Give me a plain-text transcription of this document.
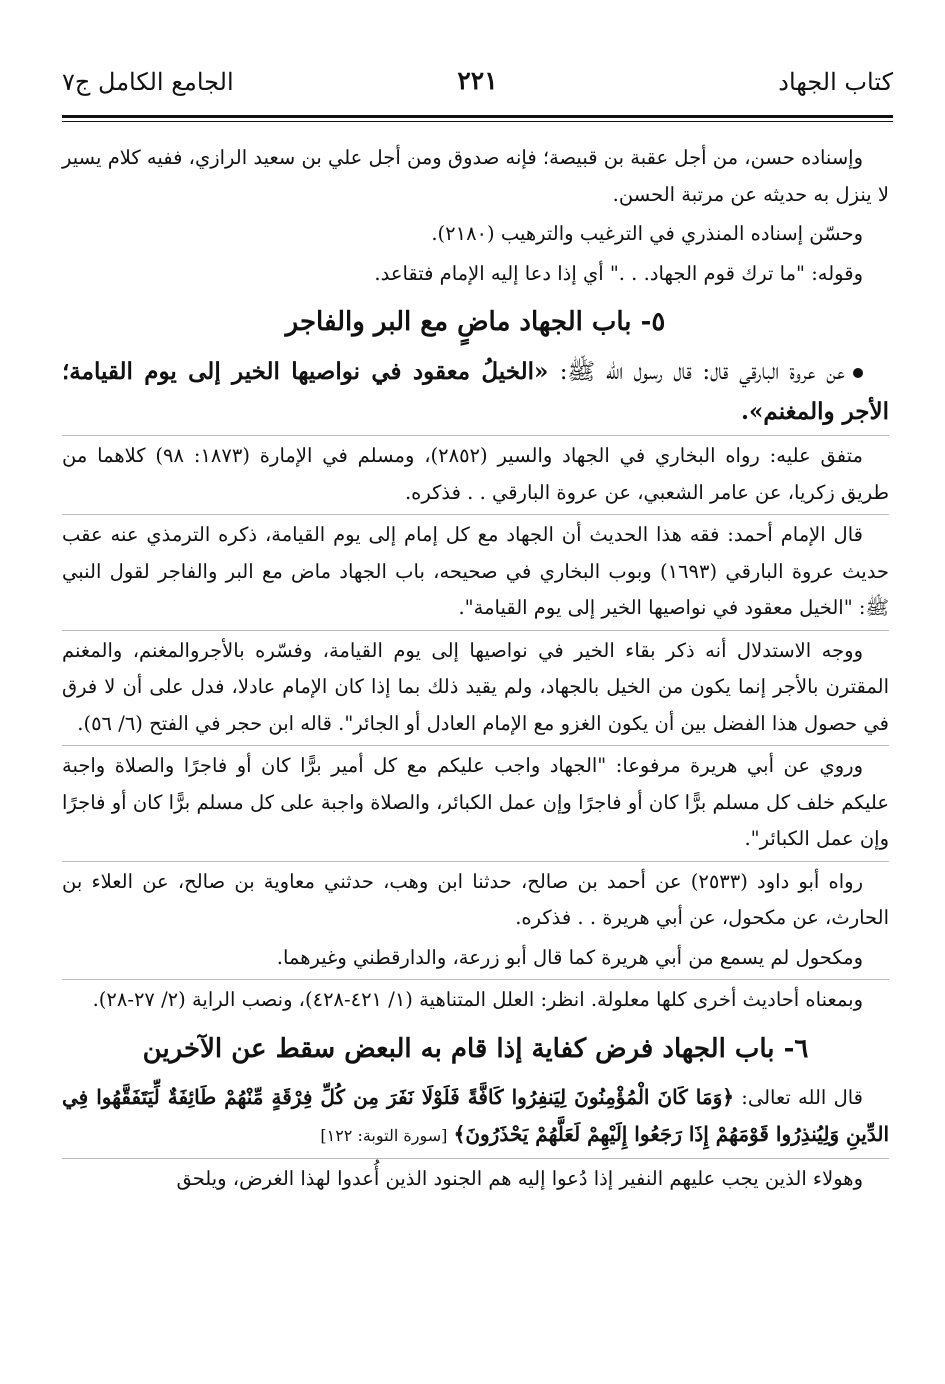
كتاب الجهاد
٢٢١
الجامع الكامل ج٧

وإسناده حسن، من أجل عقبة بن قبيصة؛ فإنه صدوق ومن أجل علي بن سعيد الرازي، ففيه كلام يسير لا ينزل به حديثه عن مرتبة الحسن.

وحسّن إسناده المنذري في الترغيب والترهيب (٢١٨٠).

وقوله: "ما ترك قوم الجهاد. . ." أي إذا دعا إليه الإمام فتقاعد.

٥- باب الجهاد ماضٍ مع البر والفاجر

عن عروة البارقي قال: قال رسول الله ﷺ: «الخيلُ معقود في نواصيها الخير إلى يوم القيامة؛ الأجر والمغنم».

متفق عليه: رواه البخاري في الجهاد والسير (٢٨٥٢)، ومسلم في الإمارة (١٨٧٣: ٩٨) كلاهما من طريق زكريا، عن عامر الشعبي، عن عروة البارقي . . فذكره.

قال الإمام أحمد: فقه هذا الحديث أن الجهاد مع كل إمام إلى يوم القيامة، ذكره الترمذي عنه عقب حديث عروة البارقي (١٦٩٣) وبوب البخاري في صحيحه، باب الجهاد ماض مع البر والفاجر لقول النبي ﷺ: "الخيل معقود في نواصيها الخير إلى يوم القيامة".

ووجه الاستدلال أنه ذكر بقاء الخير في نواصيها إلى يوم القيامة، وفسّره بالأجروالمغنم، والمغنم المقترن بالأجر إنما يكون من الخيل بالجهاد، ولم يقيد ذلك بما إذا كان الإمام عادلا، فدل على أن لا فرق في حصول هذا الفضل بين أن يكون الغزو مع الإمام العادل أو الجائر". قاله ابن حجر في الفتح (٦/ ٥٦).

وروي عن أبي هريرة مرفوعا: "الجهاد واجب عليكم مع كل أمير برًّا كان أو فاجرًا والصلاة واجبة عليكم خلف كل مسلم برًّا كان أو فاجرًا وإن عمل الكبائر، والصلاة واجبة على كل مسلم برًّا كان أو فاجرًا وإن عمل الكبائر".

رواه أبو داود (٢٥٣٣) عن أحمد بن صالح، حدثنا ابن وهب، حدثني معاوية بن صالح، عن العلاء بن الحارث، عن مكحول، عن أبي هريرة . . فذكره.

ومكحول لم يسمع من أبي هريرة كما قال أبو زرعة، والدارقطني وغيرهما.

وبمعناه أحاديث أخرى كلها معلولة. انظر: العلل المتناهية (١/ ٤٢١-٤٢٨)، ونصب الراية (٢/ ٢٧-٢٨).

٦- باب الجهاد فرض كفاية إذا قام به البعض سقط عن الآخرين

قال الله تعالى: ﴿وَمَا كَانَ الْمُؤْمِنُونَ لِيَنفِرُوا كَافَّةً فَلَوْلَا نَفَرَ مِن كُلِّ فِرْقَةٍ مِّنْهُمْ طَائِفَةٌ لِّيَتَفَقَّهُوا فِي الدِّينِ وَلِيُنذِرُوا قَوْمَهُمْ إِذَا رَجَعُوا إِلَيْهِمْ لَعَلَّهُمْ يَحْذَرُونَ﴾ [سورة التوبة: ١٢٢]

وهولاء الذين يجب عليهم النفير إذا دُعوا إليه هم الجنود الذين أُعدوا لهذا الغرض، ويلحق
